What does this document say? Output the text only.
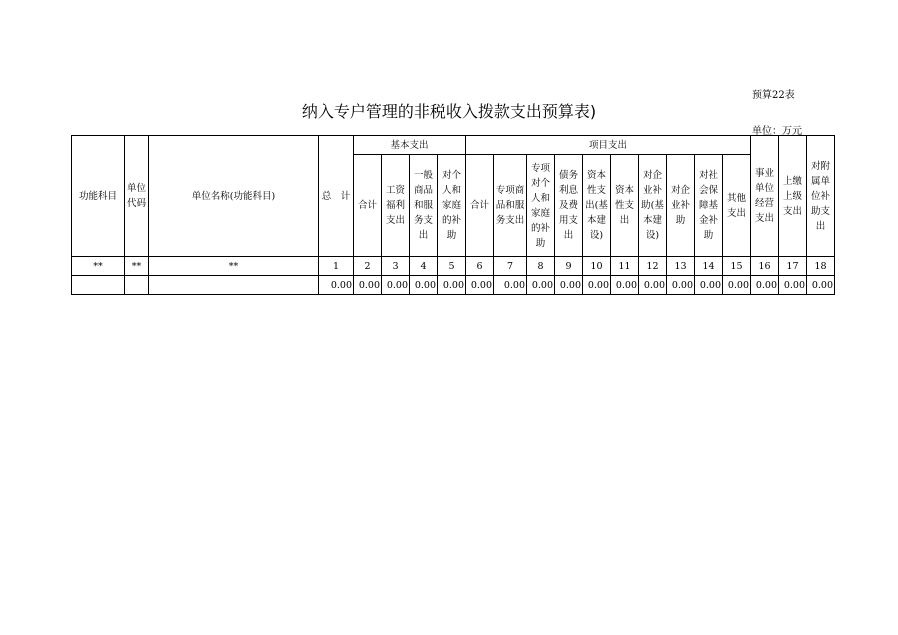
预算22表
纳入专户管理的非税收入拨款支出预算表)
单位：万元
功能科目	单位代码	单位名称(功能科目)	总　计	基本支出				项目支出										事业单位经营支出	上缴上级支出	对附属单位补助支出
				合计	工资福利支出	一般商品和服务支出	对个人和家庭的补助	合计	专项商品和服务支出	专项对个人和家庭的补助	债务利息及费用支出	资本性支出(基本建设)	资本性支出	对企业补助(基本建设)	对企业补助	对社会保障基金补助	其他支出			
**	**	**	1	2	3	4	5	6	7	8	9	10	11	12	13	14	15	16	17	18
			0.00	0.00	0.00	0.00	0.00	0.00	0.00	0.00	0.00	0.00	0.00	0.00	0.00	0.00	0.00	0.00	0.00	0.00
